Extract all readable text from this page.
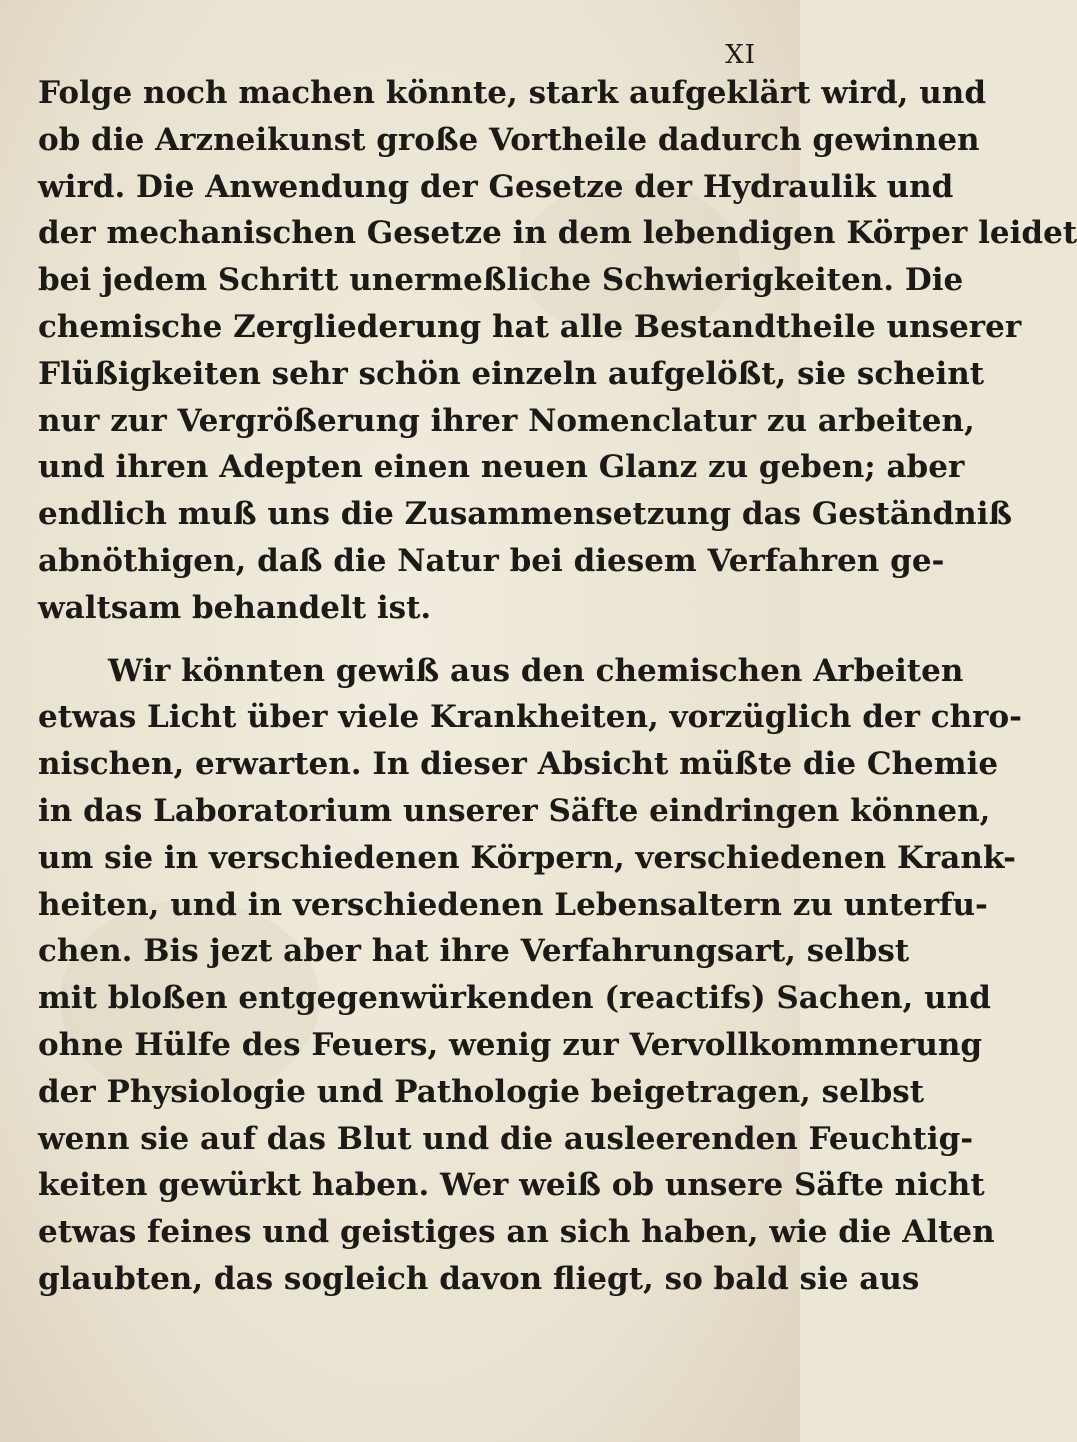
XI
Folge noch machen könnte, stark aufgeklärt wird, und
ob die Arzneikunst große Vortheile dadurch gewinnen
wird. Die Anwendung der Gesetze der Hydraulik und
der mechanischen Gesetze in dem lebendigen Körper leidet
bei jedem Schritt unermeßliche Schwierigkeiten. Die
chemische Zergliederung hat alle Bestandtheile unserer
Flüßigkeiten sehr schön einzeln aufgelößt, sie scheint
nur zur Vergrößerung ihrer Nomenclatur zu arbeiten,
und ihren Adepten einen neuen Glanz zu geben; aber
endlich muß uns die Zusammensetzung das Geständniß
abnöthigen, daß die Natur bei diesem Verfahren ge-
waltsam behandelt ist.
Wir könnten gewiß aus den chemischen Arbeiten
etwas Licht über viele Krankheiten, vorzüglich der chro-
nischen, erwarten. In dieser Absicht müßte die Chemie
in das Laboratorium unserer Säfte eindringen können,
um sie in verschiedenen Körpern, verschiedenen Krank-
heiten, und in verschiedenen Lebensaltern zu unterfu-
chen. Bis jezt aber hat ihre Verfahrungsart, selbst
mit bloßen entgegenwürkenden (reactifs) Sachen, und
ohne Hülfe des Feuers, wenig zur Vervollkommnerung
der Physiologie und Pathologie beigetragen, selbst
wenn sie auf das Blut und die ausleerenden Feuchtig-
keiten gewürkt haben. Wer weiß ob unsere Säfte nicht
etwas feines und geistiges an sich haben, wie die Alten
glaubten, das sogleich davon fliegt, so bald sie aus
